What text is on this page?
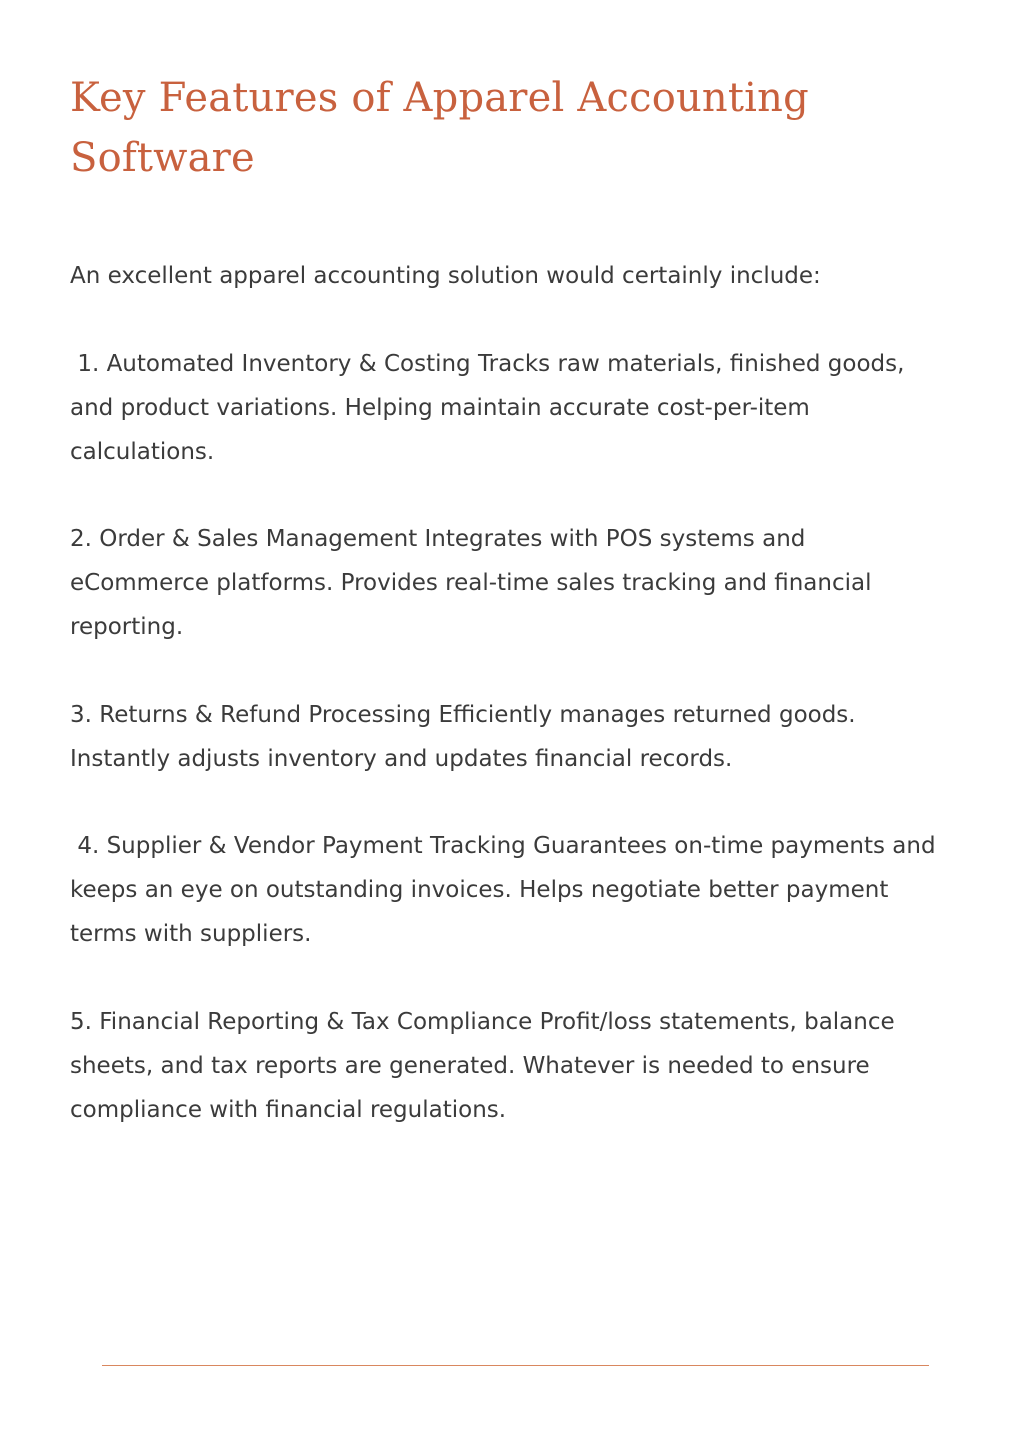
Key Features of Apparel Accounting Software

An excellent apparel accounting solution would certainly include:

1. Automated Inventory & Costing Tracks raw materials, finished goods, and product variations. Helping maintain accurate cost-per-item calculations.

2. Order & Sales Management Integrates with POS systems and eCommerce platforms. Provides real-time sales tracking and financial reporting.

3. Returns & Refund Processing Efficiently manages returned goods. Instantly adjusts inventory and updates financial records.

4. Supplier & Vendor Payment Tracking Guarantees on-time payments and keeps an eye on outstanding invoices. Helps negotiate better payment terms with suppliers.

5. Financial Reporting & Tax Compliance Profit/loss statements, balance sheets, and tax reports are generated. Whatever is needed to ensure compliance with financial regulations.
